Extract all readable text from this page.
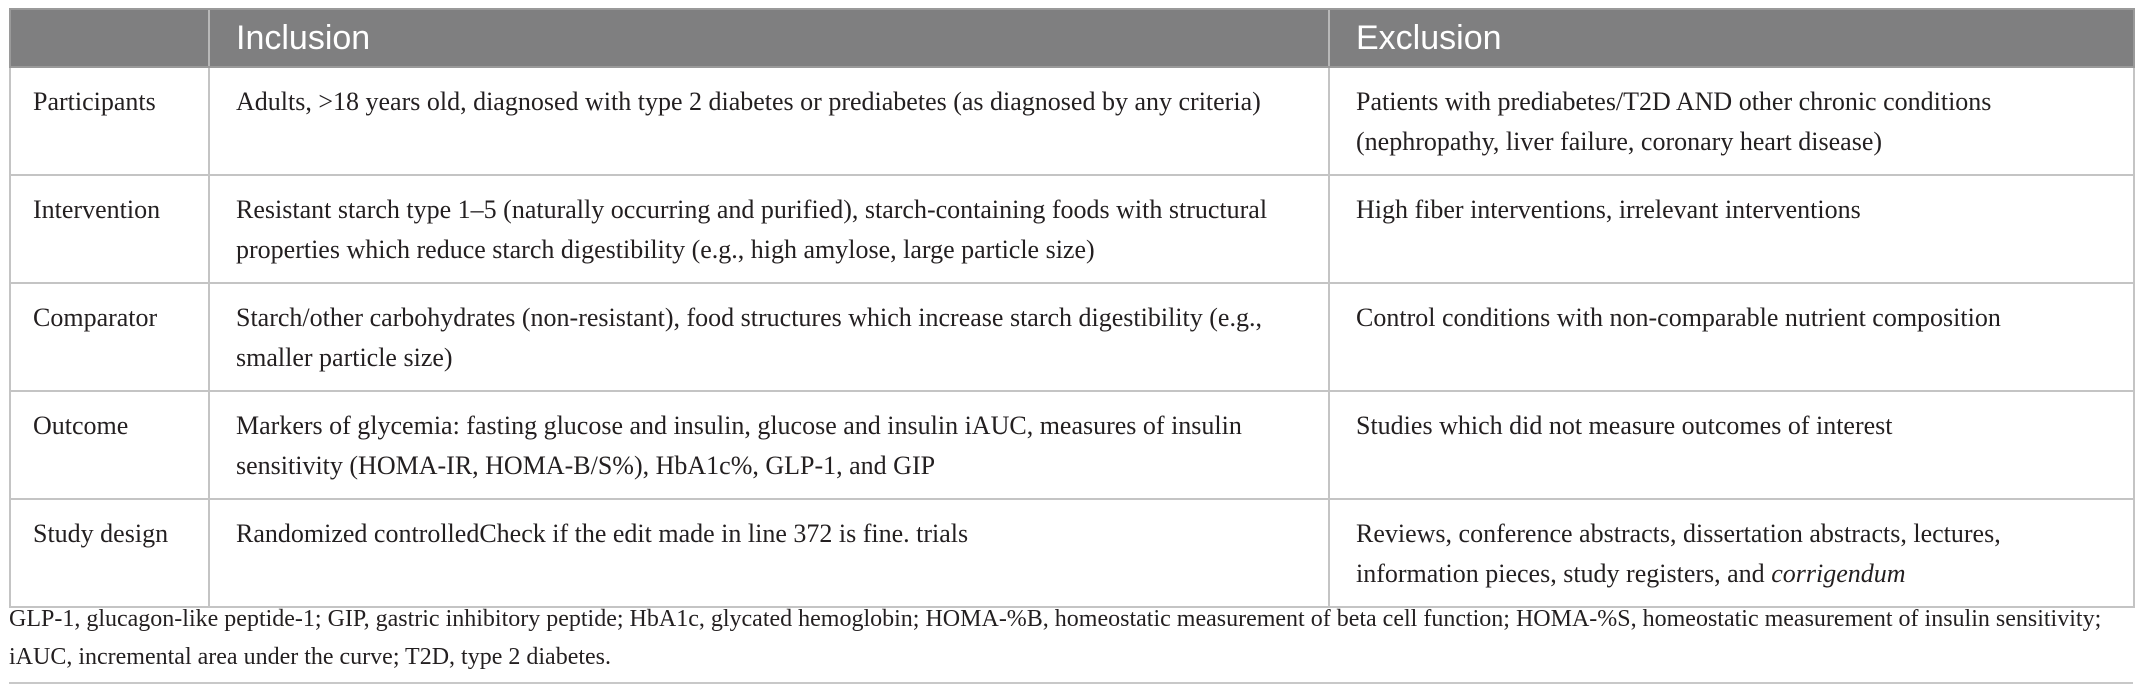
	Inclusion	Exclusion
Participants	Adults, >18 years old, diagnosed with type 2 diabetes or prediabetes (as diagnosed by any criteria)	Patients with prediabetes/T2D AND other chronic conditions (nephropathy, liver failure, coronary heart disease)
Intervention	Resistant starch type 1–5 (naturally occurring and purified), starch-containing foods with structural properties which reduce starch digestibility (e.g., high amylose, large particle size)	High fiber interventions, irrelevant interventions
Comparator	Starch/other carbohydrates (non-resistant), food structures which increase starch digestibility (e.g., smaller particle size)	Control conditions with non-comparable nutrient composition
Outcome	Markers of glycemia: fasting glucose and insulin, glucose and insulin iAUC, measures of insulin sensitivity (HOMA-IR, HOMA-B/S%), HbA1c%, GLP-1, and GIP	Studies which did not measure outcomes of interest
Study design	Randomized controlledCheck if the edit made in line 372 is fine. trials	Reviews, conference abstracts, dissertation abstracts, lectures, information pieces, study registers, and corrigendum

GLP-1, glucagon-like peptide-1; GIP, gastric inhibitory peptide; HbA1c, glycated hemoglobin; HOMA-%B, homeostatic measurement of beta cell function; HOMA-%S, homeostatic measurement of insulin sensitivity; iAUC, incremental area under the curve; T2D, type 2 diabetes.
